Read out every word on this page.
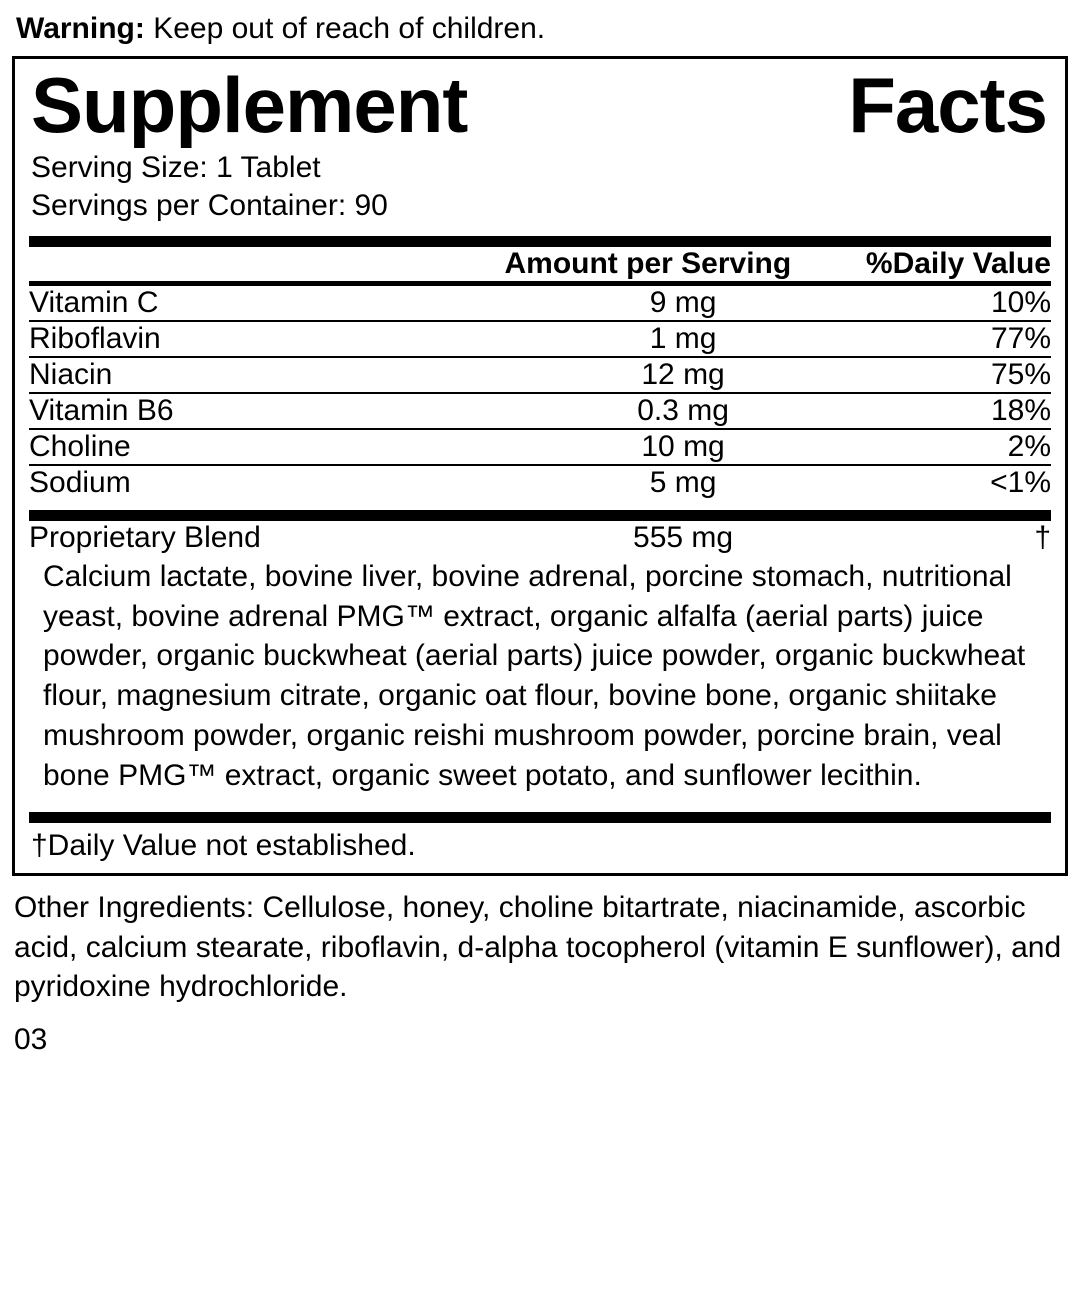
Warning: Keep out of reach of children.
Supplement	Facts
Serving Size: 1 Tablet
Servings per Container: 90
	Amount per Serving	%Daily Value
Vitamin C	9 mg	10%
Riboflavin	1 mg	77%
Niacin	12 mg	75%
Vitamin B6	0.3 mg	18%
Choline	10 mg	2%
Sodium	5 mg	<1%
Proprietary Blend	555 mg	†
Calcium lactate, bovine liver, bovine adrenal, porcine stomach, nutritional yeast, bovine adrenal PMG™ extract, organic alfalfa (aerial parts) juice powder, organic buckwheat (aerial parts) juice powder, organic buckwheat flour, magnesium citrate, organic oat flour, bovine bone, organic shiitake mushroom powder, organic reishi mushroom powder, porcine brain, veal bone PMG™ extract, organic sweet potato, and sunflower lecithin.
†Daily Value not established.
Other Ingredients: Cellulose, honey, choline bitartrate, niacinamide, ascorbic acid, calcium stearate, riboflavin, d-alpha tocopherol (vitamin E sunflower), and pyridoxine hydrochloride.
03
